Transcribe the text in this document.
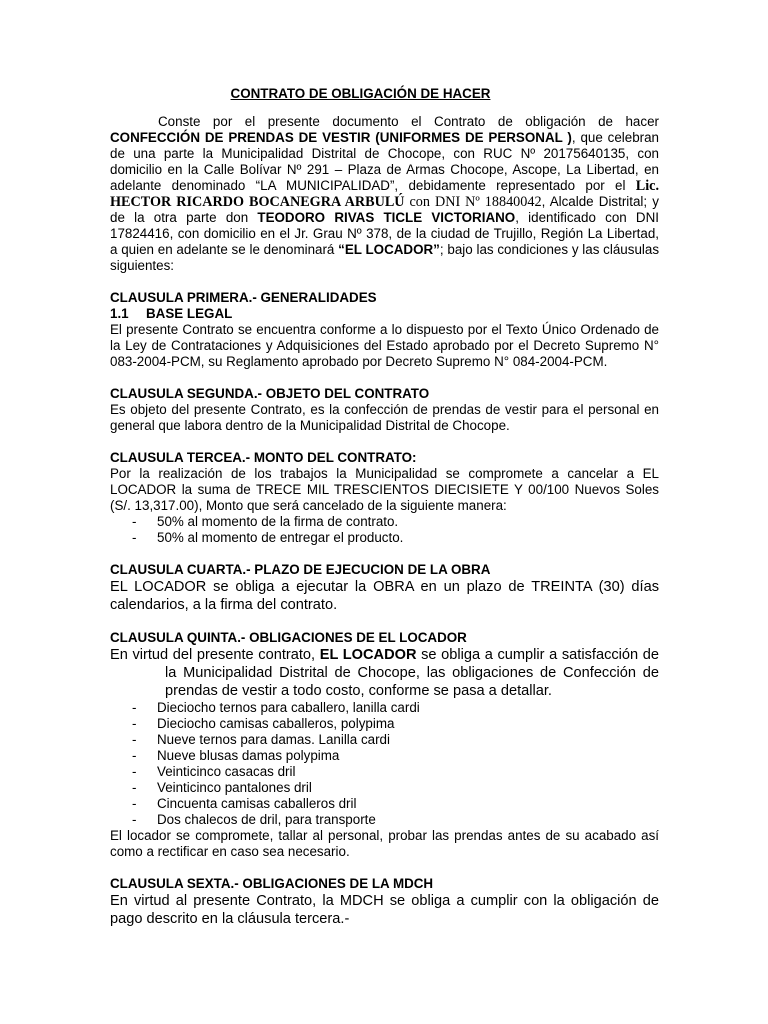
CONTRATO DE OBLIGACIÓN DE HACER

Conste por el presente documento el Contrato de obligación de hacer CONFECCIÓN DE PRENDAS DE VESTIR (UNIFORMES DE PERSONAL ), que celebran de una parte la Municipalidad Distrital de Chocope, con RUC Nº 20175640135, con domicilio en la Calle Bolívar Nº 291 – Plaza de Armas Chocope, Ascope, La Libertad, en adelante denominado “LA MUNICIPALIDAD”, debidamente representado por el Lic. HECTOR RICARDO BOCANEGRA ARBULÚ con DNI Nº 18840042, Alcalde Distrital; y de la otra parte don TEODORO RIVAS TICLE VICTORIANO, identificado con DNI 17824416, con domicilio en el Jr. Grau Nº 378, de la ciudad de Trujillo, Región La Libertad, a quien en adelante se le denominará “EL LOCADOR”; bajo las condiciones y las cláusulas siguientes:

CLAUSULA PRIMERA.- GENERALIDADES

1.1 BASE LEGAL

El presente Contrato se encuentra conforme a lo dispuesto por el Texto Único Ordenado de la Ley de Contrataciones y Adquisiciones del Estado aprobado por el Decreto Supremo N° 083-2004-PCM, su Reglamento aprobado por Decreto Supremo N° 084-2004-PCM.

CLAUSULA SEGUNDA.- OBJETO DEL CONTRATO

Es objeto del presente Contrato, es la confección de prendas de vestir para el personal en general que labora dentro de la Municipalidad Distrital de Chocope.

CLAUSULA TERCEA.- MONTO DEL CONTRATO:

Por la realización de los trabajos la Municipalidad se compromete a cancelar a EL LOCADOR la suma de TRECE MIL TRESCIENTOS DIECISIETE Y 00/100 Nuevos Soles (S/. 13,317.00), Monto que será cancelado de la siguiente manera:

- 50% al momento de la firma de contrato.
- 50% al momento de entregar el producto.

CLAUSULA CUARTA.- PLAZO DE EJECUCION DE LA OBRA

EL LOCADOR se obliga a ejecutar la OBRA en un plazo de TREINTA (30) días calendarios, a la firma del contrato.

CLAUSULA QUINTA.- OBLIGACIONES DE EL LOCADOR

En virtud del presente contrato, EL LOCADOR se obliga a cumplir a satisfacción de la Municipalidad Distrital de Chocope, las obligaciones de Confección de prendas de vestir a todo costo, conforme se pasa a detallar.

- Dieciocho ternos para caballero, lanilla cardi
- Dieciocho camisas caballeros, polypima
- Nueve ternos para damas. Lanilla cardi
- Nueve blusas damas polypima
- Veinticinco casacas dril
- Veinticinco pantalones dril
- Cincuenta camisas caballeros dril
- Dos chalecos de dril, para transporte

El locador se compromete, tallar al personal, probar las prendas antes de su acabado así como a rectificar en caso sea necesario.

CLAUSULA SEXTA.- OBLIGACIONES DE LA MDCH

En virtud al presente Contrato, la MDCH se obliga a cumplir con la obligación de pago descrito en la cláusula tercera.-
